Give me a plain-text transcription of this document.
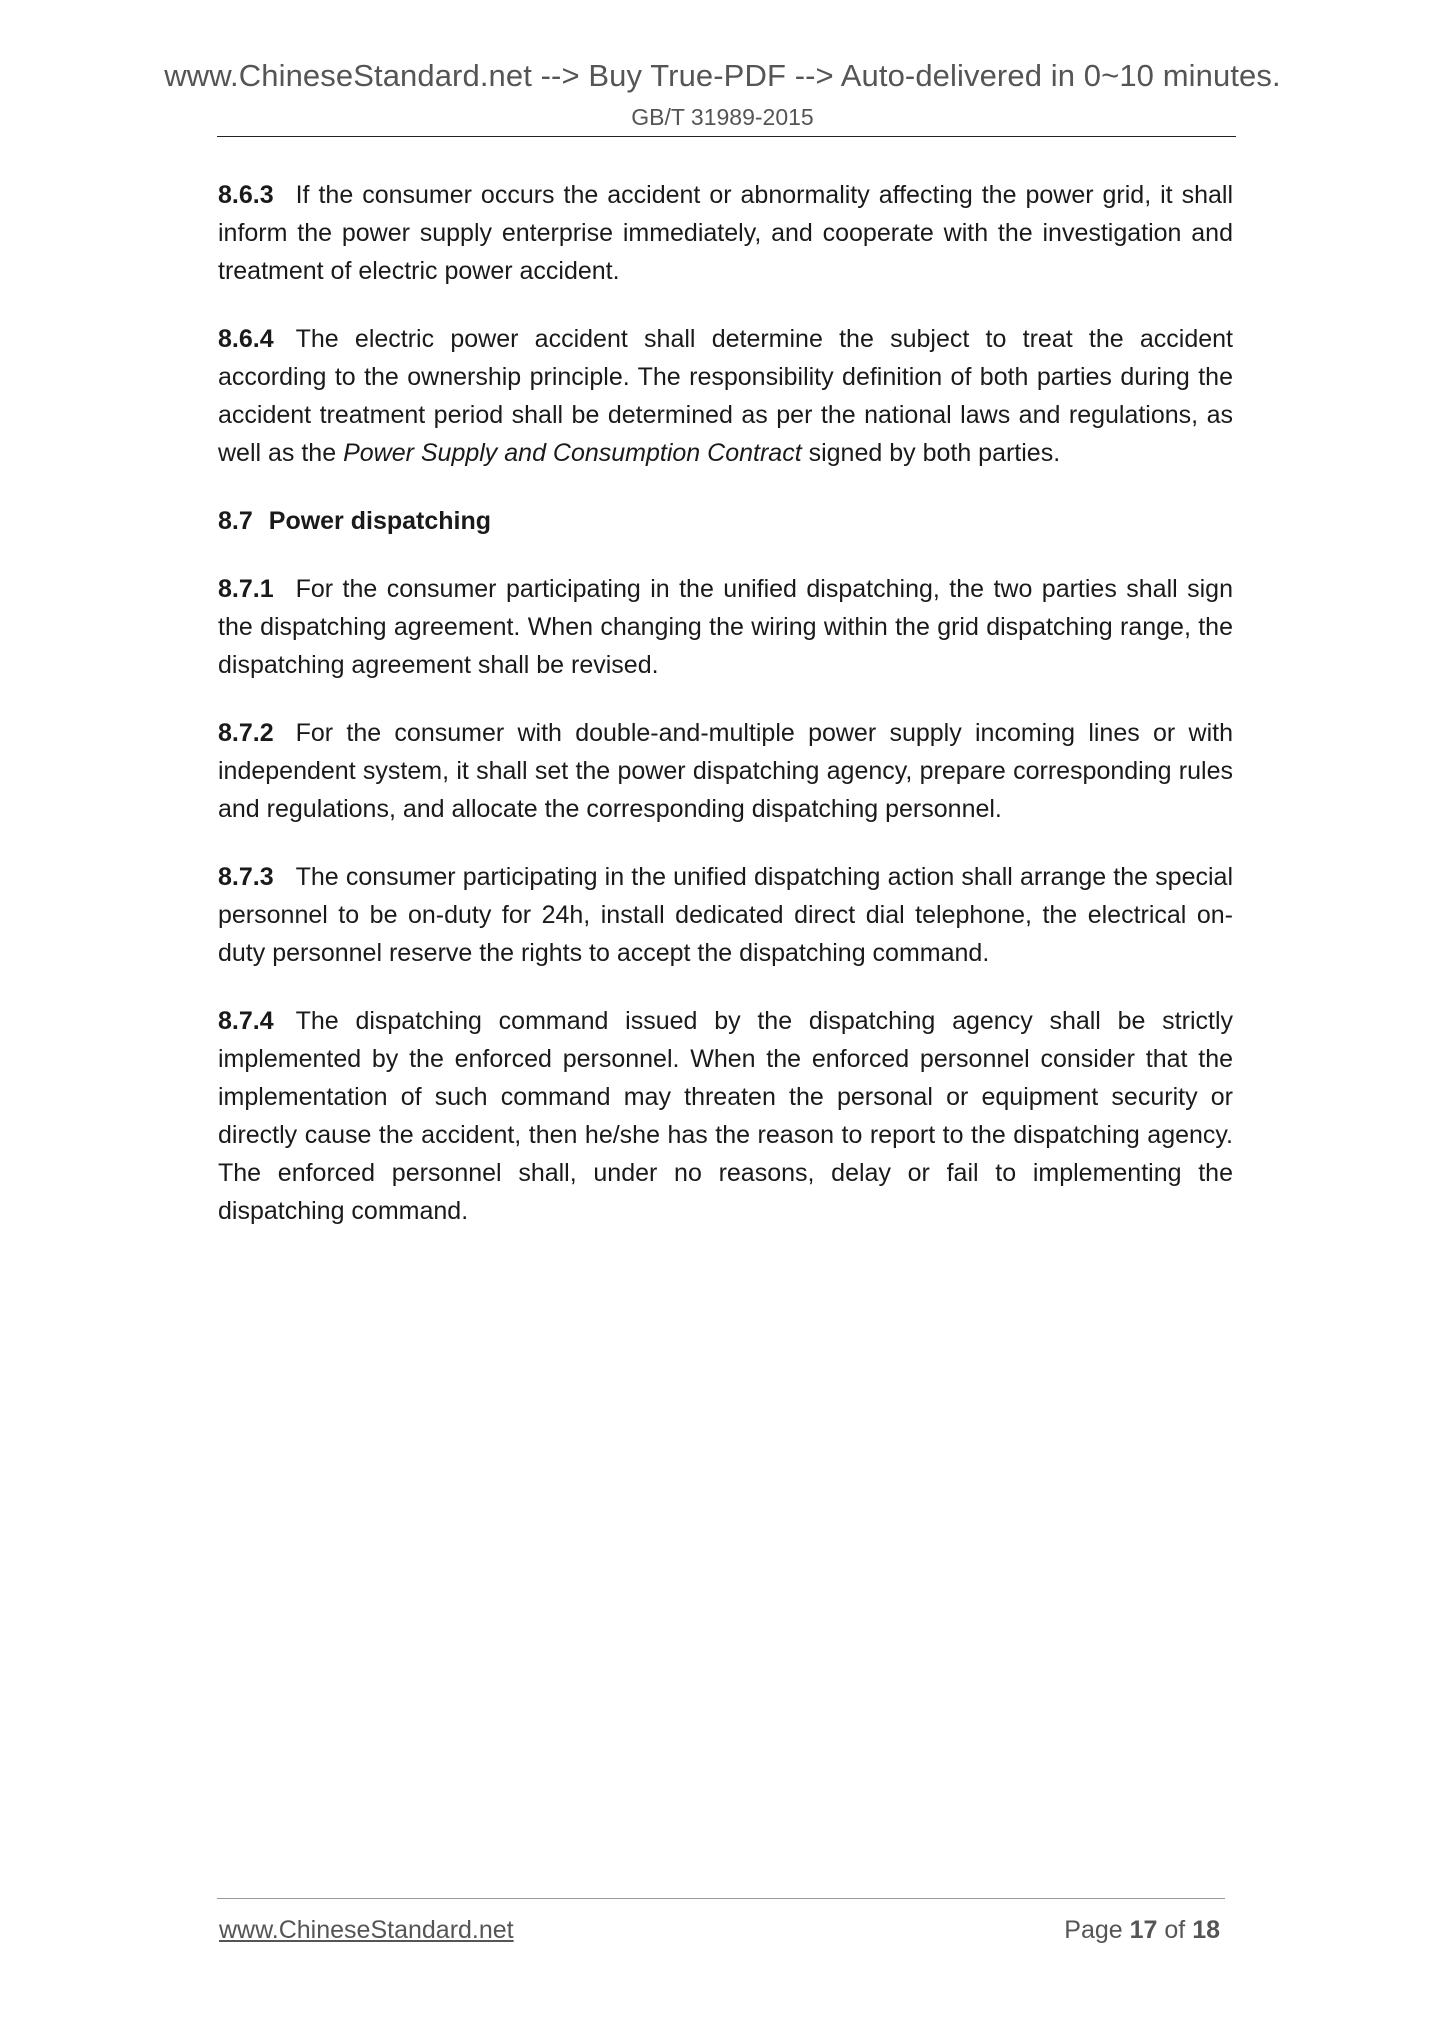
www.ChineseStandard.net --> Buy True-PDF --> Auto-delivered in 0~10 minutes.
GB/T 31989-2015

8.6.3 If the consumer occurs the accident or abnormality affecting the power grid, it shall inform the power supply enterprise immediately, and cooperate with the investigation and treatment of electric power accident.

8.6.4 The electric power accident shall determine the subject to treat the accident according to the ownership principle. The responsibility definition of both parties during the accident treatment period shall be determined as per the national laws and regulations, as well as the Power Supply and Consumption Contract signed by both parties.

8.7 Power dispatching

8.7.1 For the consumer participating in the unified dispatching, the two parties shall sign the dispatching agreement. When changing the wiring within the grid dispatching range, the dispatching agreement shall be revised.

8.7.2 For the consumer with double-and-multiple power supply incoming lines or with independent system, it shall set the power dispatching agency, prepare corresponding rules and regulations, and allocate the corresponding dispatching personnel.

8.7.3 The consumer participating in the unified dispatching action shall arrange the special personnel to be on-duty for 24h, install dedicated direct dial telephone, the electrical on-duty personnel reserve the rights to accept the dispatching command.

8.7.4 The dispatching command issued by the dispatching agency shall be strictly implemented by the enforced personnel. When the enforced personnel consider that the implementation of such command may threaten the personal or equipment security or directly cause the accident, then he/she has the reason to report to the dispatching agency. The enforced personnel shall, under no reasons, delay or fail to implementing the dispatching command.

www.ChineseStandard.net	Page 17 of 18
